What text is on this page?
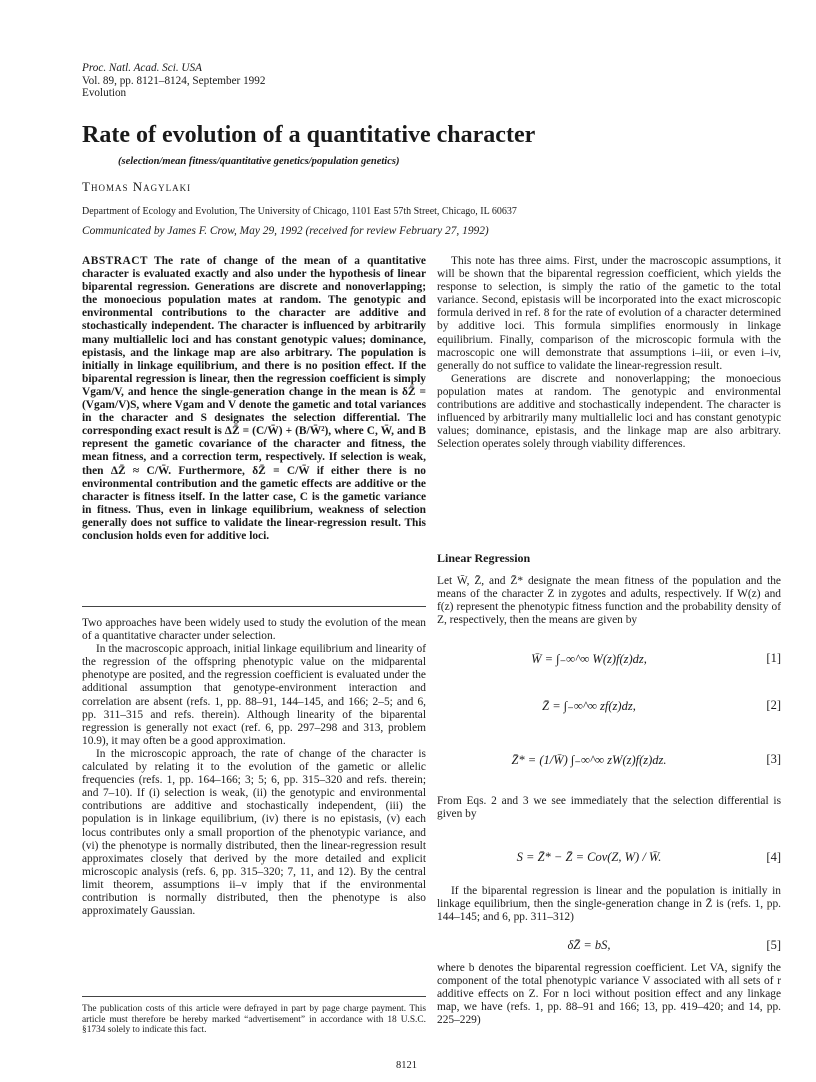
Proc. Natl. Acad. Sci. USA
Vol. 89, pp. 8121–8124, September 1992
Evolution
Rate of evolution of a quantitative character
(selection/mean fitness/quantitative genetics/population genetics)
Thomas Nagylaki
Department of Ecology and Evolution, The University of Chicago, 1101 East 57th Street, Chicago, IL 60637
Communicated by James F. Crow, May 29, 1992 (received for review February 27, 1992)

ABSTRACT The rate of change of the mean of a quantitative character is evaluated exactly and also under the hypothesis of linear biparental regression. Generations are discrete and nonoverlapping; the monoecious population mates at random. The genotypic and environmental contributions to the character are additive and stochastically independent. The character is influenced by arbitrarily many multiallelic loci and has constant genotypic values; dominance, epistasis, and the linkage map are also arbitrary. The population is initially in linkage equilibrium, and there is no position effect. If the biparental regression is linear, then the regression coefficient is simply Vgam/V, and hence the single-generation change in the mean is δZ̄ = (Vgam/V)S, where Vgam and V denote the gametic and total variances in the character and S designates the selection differential. The corresponding exact result is ΔZ̄ = (C/W̄) + (B/W̄²), where C, W̄, and B represent the gametic covariance of the character and fitness, the mean fitness, and a correction term, respectively. If selection is weak, then ΔZ̄ ≈ C/W̄. Furthermore, δZ̄ = C/W̄ if either there is no environmental contribution and the gametic effects are additive or the character is fitness itself. In the latter case, C is the gametic variance in fitness. Thus, even in linkage equilibrium, weakness of selection generally does not suffice to validate the linear-regression result. This conclusion holds even for additive loci.

Two approaches have been widely used to study the evolution of the mean of a quantitative character under selection.

In the macroscopic approach, initial linkage equilibrium and linearity of the regression of the offspring phenotypic value on the midparental phenotype are posited, and the regression coefficient is evaluated under the additional assumption that genotype-environment interaction and correlation are absent (refs. 1, pp. 88–91, 144–145, and 166; 2–5; and 6, pp. 311–315 and refs. therein). Although linearity of the biparental regression is generally not exact (ref. 6, pp. 297–298 and 313, problem 10.9), it may often be a good approximation.

In the microscopic approach, the rate of change of the character is calculated by relating it to the evolution of the gametic or allelic frequencies (refs. 1, pp. 164–166; 3; 5; 6, pp. 315–320 and refs. therein; and 7–10). If (i) selection is weak, (ii) the genotypic and environmental contributions are additive and stochastically independent, (iii) the population is in linkage equilibrium, (iv) there is no epistasis, (v) each locus contributes only a small proportion of the phenotypic variance, and (vi) the phenotype is normally distributed, then the linear-regression result approximates closely that derived by the more detailed and explicit microscopic analysis (refs. 6, pp. 315–320; 7, 11, and 12). By the central limit theorem, assumptions ii–v imply that if the environmental contribution is normally distributed, then the phenotype is also approximately Gaussian.

The publication costs of this article were defrayed in part by page charge payment. This article must therefore be hereby marked “advertisement” in accordance with 18 U.S.C. §1734 solely to indicate this fact.

This note has three aims. First, under the macroscopic assumptions, it will be shown that the biparental regression coefficient, which yields the response to selection, is simply the ratio of the gametic to the total variance. Second, epistasis will be incorporated into the exact microscopic formula derived in ref. 8 for the rate of evolution of a character determined by additive loci. This formula simplifies enormously in linkage equilibrium. Finally, comparison of the microscopic formula with the macroscopic one will demonstrate that assumptions i–iii, or even i–iv, generally do not suffice to validate the linear-regression result.

Generations are discrete and nonoverlapping; the monoecious population mates at random. The genotypic and environmental contributions are additive and stochastically independent. The character is influenced by arbitrarily many multiallelic loci and has constant genotypic values; dominance, epistasis, and the linkage map are also arbitrary. Selection operates solely through viability differences.

Linear Regression

Let W̄, Z̄, and Z̄* designate the mean fitness of the population and the means of the character Z in zygotes and adults, respectively. If W(z) and f(z) represent the phenotypic fitness function and the probability density of Z, respectively, then the means are given by

W̄ = ∫₋∞^∞ W(z)f(z)dz,	[1]
Z̄ = ∫₋∞^∞ zf(z)dz,	[2]
Z̄* = (1/W̄) ∫₋∞^∞ zW(z)f(z)dz.	[3]

From Eqs. 2 and 3 we see immediately that the selection differential is given by

S = Z̄* − Z̄ = Cov(Z, W) / W̄.	[4]

If the biparental regression is linear and the population is initially in linkage equilibrium, then the single-generation change in Z̄ is (refs. 1, pp. 144–145; and 6, pp. 311–312)

δZ̄ = bS,	[5]

where b denotes the biparental regression coefficient. Let VA, signify the component of the total phenotypic variance V associated with all sets of r additive effects on Z. For n loci without position effect and any linkage map, we have (refs. 1, pp. 88–91 and 166; 13, pp. 419–420; and 14, pp. 225–229)

8121
